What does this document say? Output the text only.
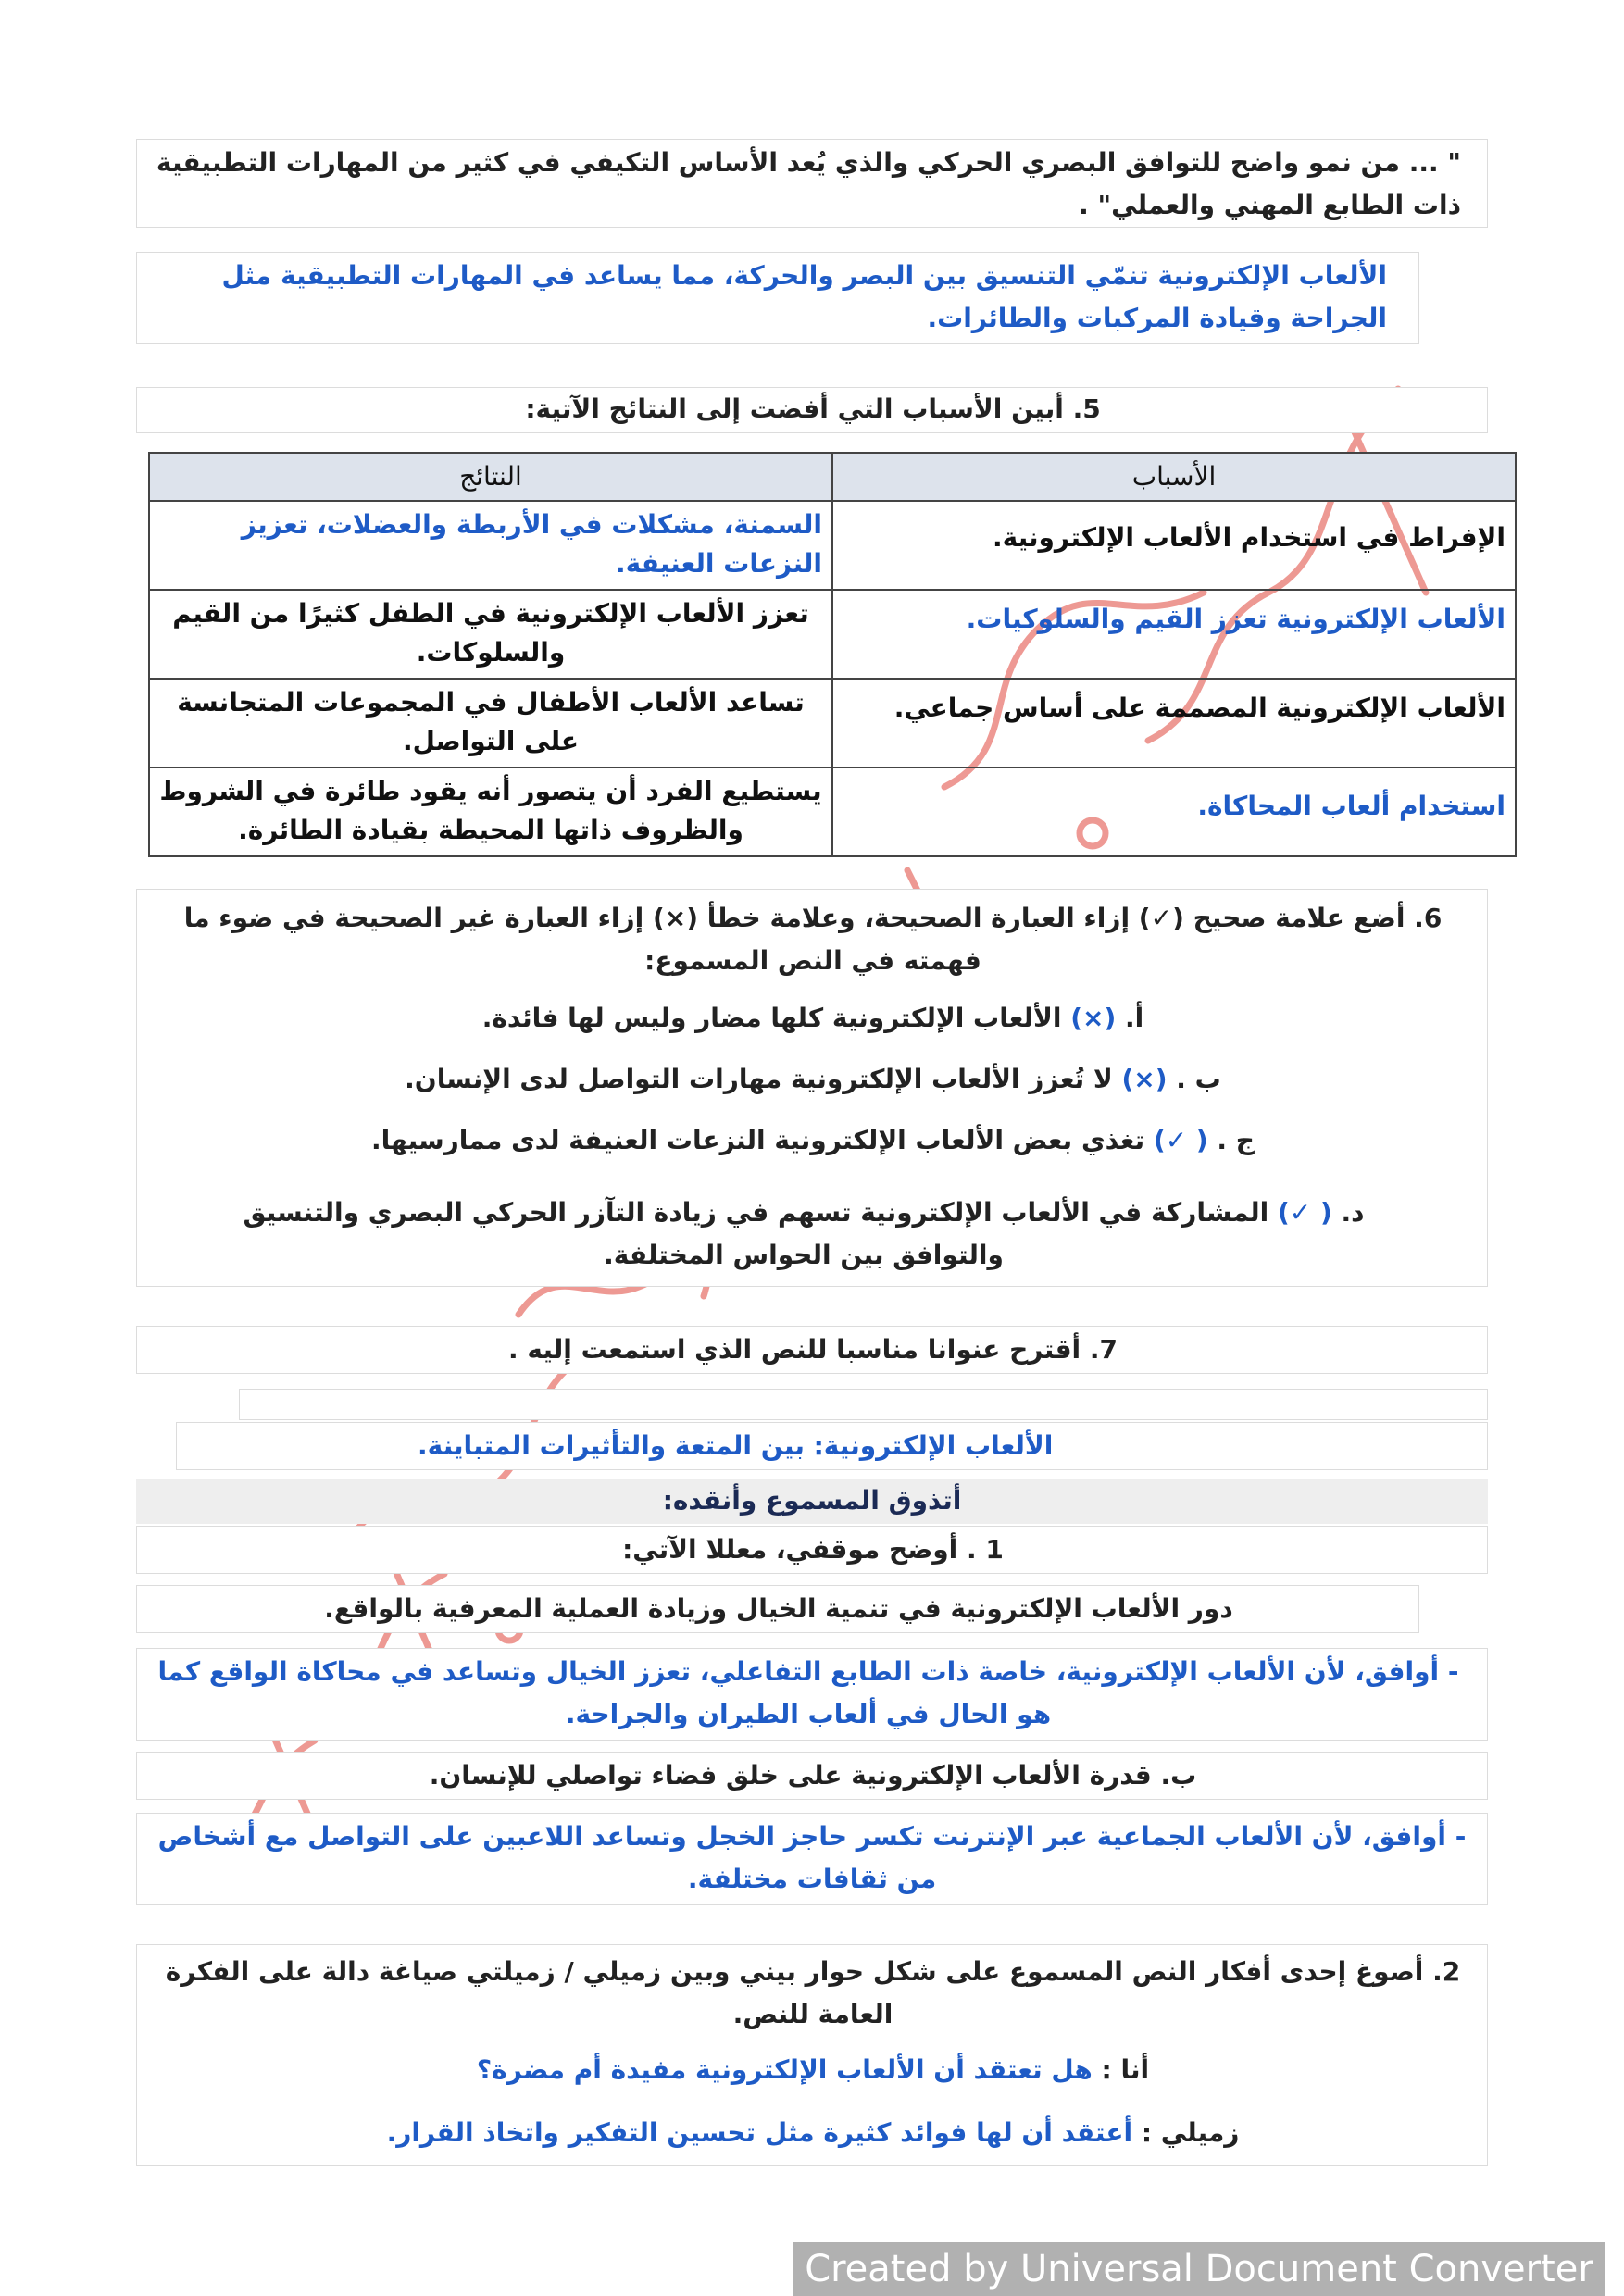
" ... من نمو واضح للتوافق البصري الحركي والذي يُعد الأساس التكيفي في كثير من المهارات التطبيقية ذات الطابع المهني والعملي" .
الألعاب الإلكترونية تنمّي التنسيق بين البصر والحركة، مما يساعد في المهارات التطبيقية مثل الجراحة وقيادة المركبات والطائرات.
5. أبين الأسباب التي أفضت إلى النتائج الآتية:
الأسباب	النتائج
الإفراط في استخدام الألعاب الإلكترونية.	السمنة، مشكلات في الأربطة والعضلات، تعزيز النزعات العنيفة.
الألعاب الإلكترونية تعزز القيم والسلوكيات.	تعزز الألعاب الإلكترونية في الطفل كثيرًا من القيم والسلوكات.
الألعاب الإلكترونية المصممة على أساس جماعي.	تساعد الألعاب الأطفال في المجموعات المتجانسة على التواصل.
استخدام ألعاب المحاكاة.	يستطيع الفرد أن يتصور أنه يقود طائرة في الشروط والظروف ذاتها المحيطة بقيادة الطائرة.
6. أضع علامة صحيح (✓) إزاء العبارة الصحيحة، وعلامة خطأ (×) إزاء العبارة غير الصحيحة في ضوء ما فهمته في النص المسموع:
أ. (×) الألعاب الإلكترونية كلها مضار وليس لها فائدة.
ب . (×) لا تُعزز الألعاب الإلكترونية مهارات التواصل لدى الإنسان.
ج . ( ✓) تغذي بعض الألعاب الإلكترونية النزعات العنيفة لدى ممارسيها.
د. ( ✓) المشاركة في الألعاب الإلكترونية تسهم في زيادة التآزر الحركي البصري والتنسيق والتوافق بين الحواس المختلفة.
7. أقترح عنوانا مناسبا للنص الذي استمعت إليه .
الألعاب الإلكترونية: بين المتعة والتأثيرات المتباينة.
أتذوق المسموع وأنقده:
1 . أوضح موقفي، معللا الآتي:
دور الألعاب الإلكترونية في تنمية الخيال وزيادة العملية المعرفية بالواقع.
- أوافق، لأن الألعاب الإلكترونية، خاصة ذات الطابع التفاعلي، تعزز الخيال وتساعد في محاكاة الواقع كما هو الحال في ألعاب الطيران والجراحة.
ب. قدرة الألعاب الإلكترونية على خلق فضاء تواصلي للإنسان.
- أوافق، لأن الألعاب الجماعية عبر الإنترنت تكسر حاجز الخجل وتساعد اللاعبين على التواصل مع أشخاص من ثقافات مختلفة.
2. أصوغ إحدى أفكار النص المسموع على شكل حوار بيني وبين زميلي / زميلتي صياغة دالة على الفكرة العامة للنص.
أنا : هل تعتقد أن الألعاب الإلكترونية مفيدة أم مضرة؟
زميلي : أعتقد أن لها فوائد كثيرة مثل تحسين التفكير واتخاذ القرار.
Created by Universal Document Converter
